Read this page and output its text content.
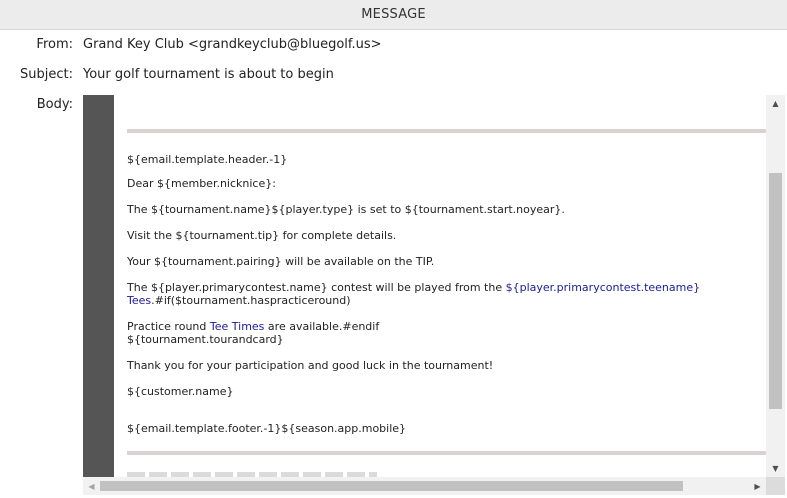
MESSAGE
From: Grand Key Club <grandkeyclub@bluegolf.us>
Subject: Your golf tournament is about to begin
Body:
${email.template.header.-1}
Dear ${member.nicknice}:
The ${tournament.name}${player.type} is set to ${tournament.start.noyear}.
Visit the ${tournament.tip} for complete details.
Your ${tournament.pairing} will be available on the TIP.
The ${player.primarycontest.name} contest will be played from the ${player.primarycontest.teename}
Tees.#if($tournament.haspracticeround)
Practice round Tee Times are available.#endif
${tournament.tourandcard}
Thank you for your participation and good luck in the tournament!
${customer.name}
${email.template.footer.-1}${season.app.mobile}
▲
▼
◀	▶
